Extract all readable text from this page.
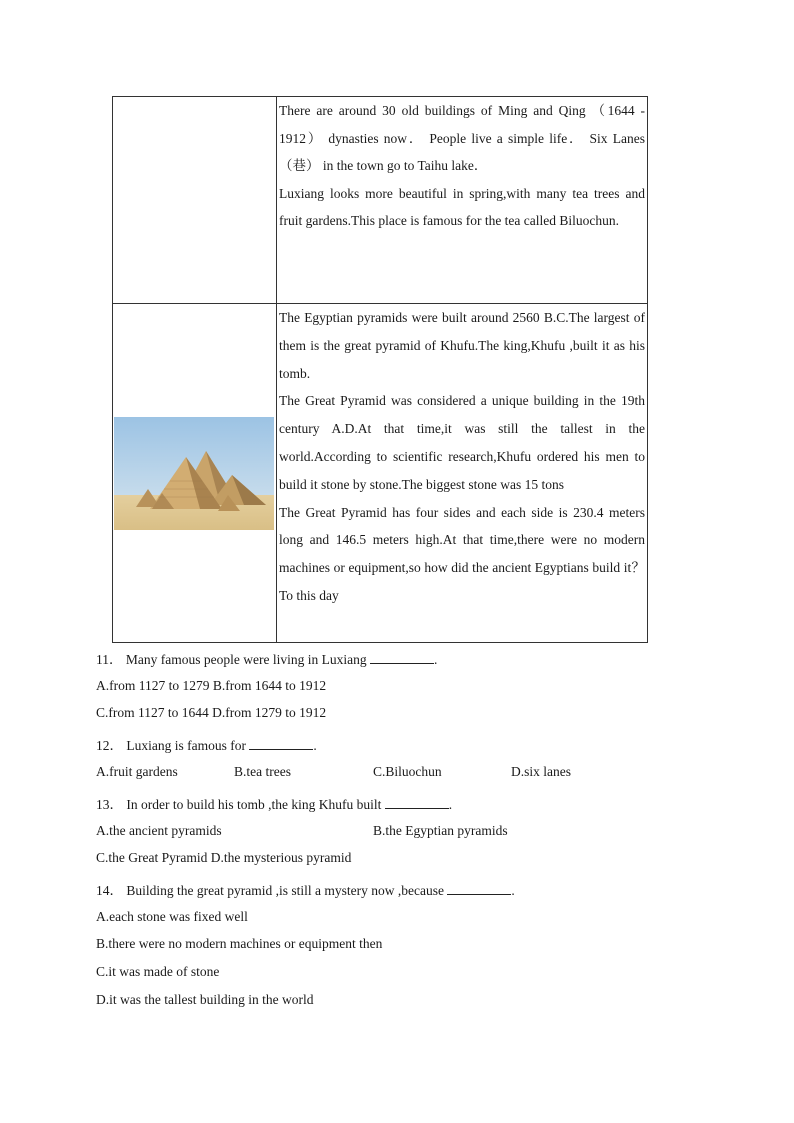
	There are around 30 old buildings of Ming and Qing （1644 - 1912） dynasties now． People live a simple life． Six Lanes （巷） in the town go to Taihu lake．

Luxiang looks more beautiful in spring,with many tea trees and fruit gardens.This place is famous for the tea called Biluochun.

The Egyptian pyramids were built around 2560 B.C.The largest of them is the great pyramid of Khufu.The king,Khufu ,built it as his tomb.

The Great Pyramid was considered a unique building in the 19th century A.D.At that time,it was still the tallest in the world.According to scientific research,Khufu ordered his men to build it stone by stone.The biggest stone was 15 tons

The Great Pyramid has four sides and each side is 230.4 meters long and 146.5 meters high.At that time,there were no modern machines or equipment,so how did the ancient Egyptians build it？To this day

11． Many famous people were living in Luxiang	.
A.from 1127 to 1279 B.from 1644 to 1912
C.from 1127 to 1644 D.from 1279 to 1912
12． Luxiang is famous for	.
A.fruit gardens	B.tea trees	C.Biluochun	D.six lanes
13． In order to build his tomb ,the king Khufu built	.
A.the ancient pyramids	B.the Egyptian pyramids
C.the Great Pyramid D.the mysterious pyramid
14． Building the great pyramid ,is still a mystery now ,because	.
A.each stone was fixed well
B.there were no modern machines or equipment then
C.it was made of stone
D.it was the tallest building in the world
